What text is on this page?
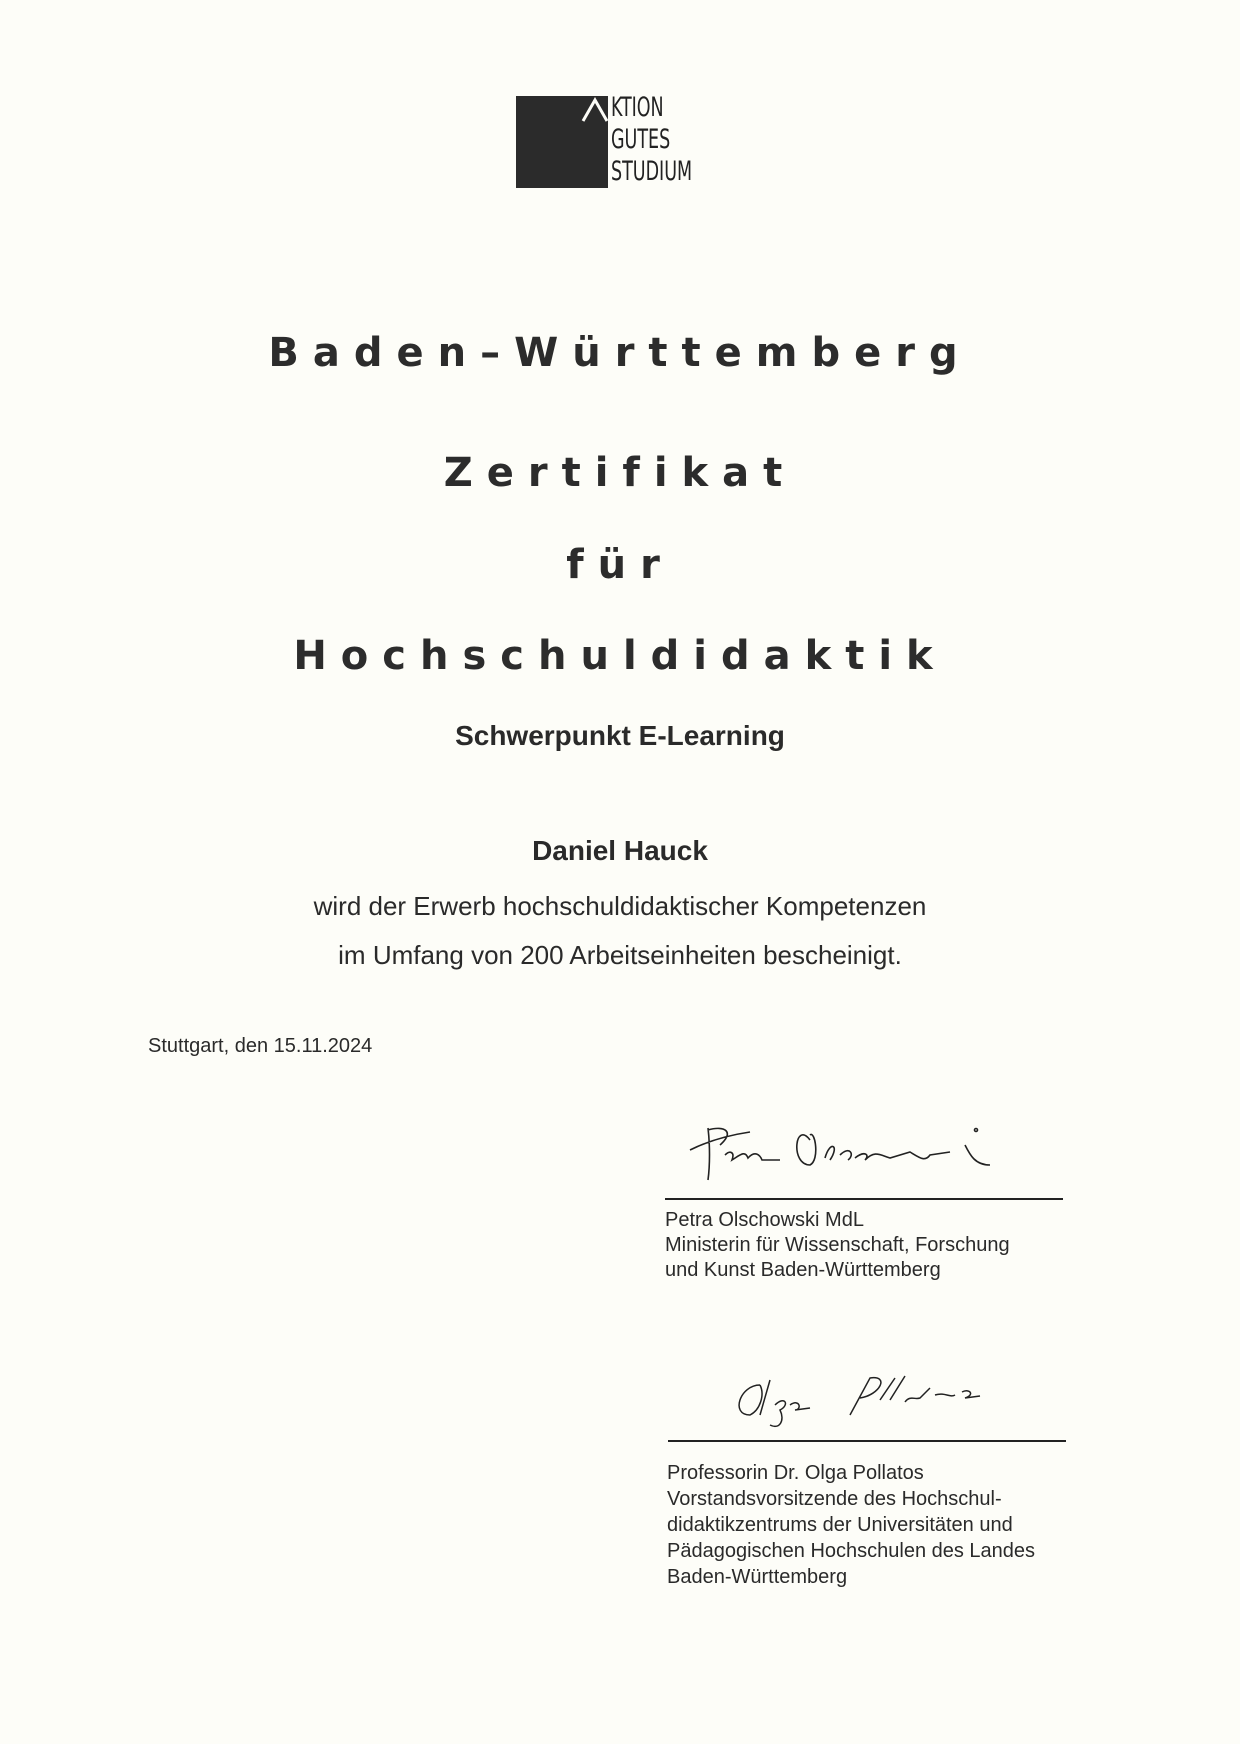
KTION
GUTES
STUDIUM
Baden–Württemberg
Zertifikat
für
Hochschuldidaktik
Schwerpunkt E-Learning
Daniel Hauck
wird der Erwerb hochschuldidaktischer Kompetenzen
im Umfang von 200 Arbeitseinheiten bescheinigt.
Stuttgart, den 15.11.2024
Petra Olschowski MdL
Ministerin für Wissenschaft, Forschung
und Kunst Baden-Württemberg
Professorin Dr. Olga Pollatos
Vorstandsvorsitzende des Hochschul-
didaktikzentrums der Universitäten und
Pädagogischen Hochschulen des Landes
Baden-Württemberg
